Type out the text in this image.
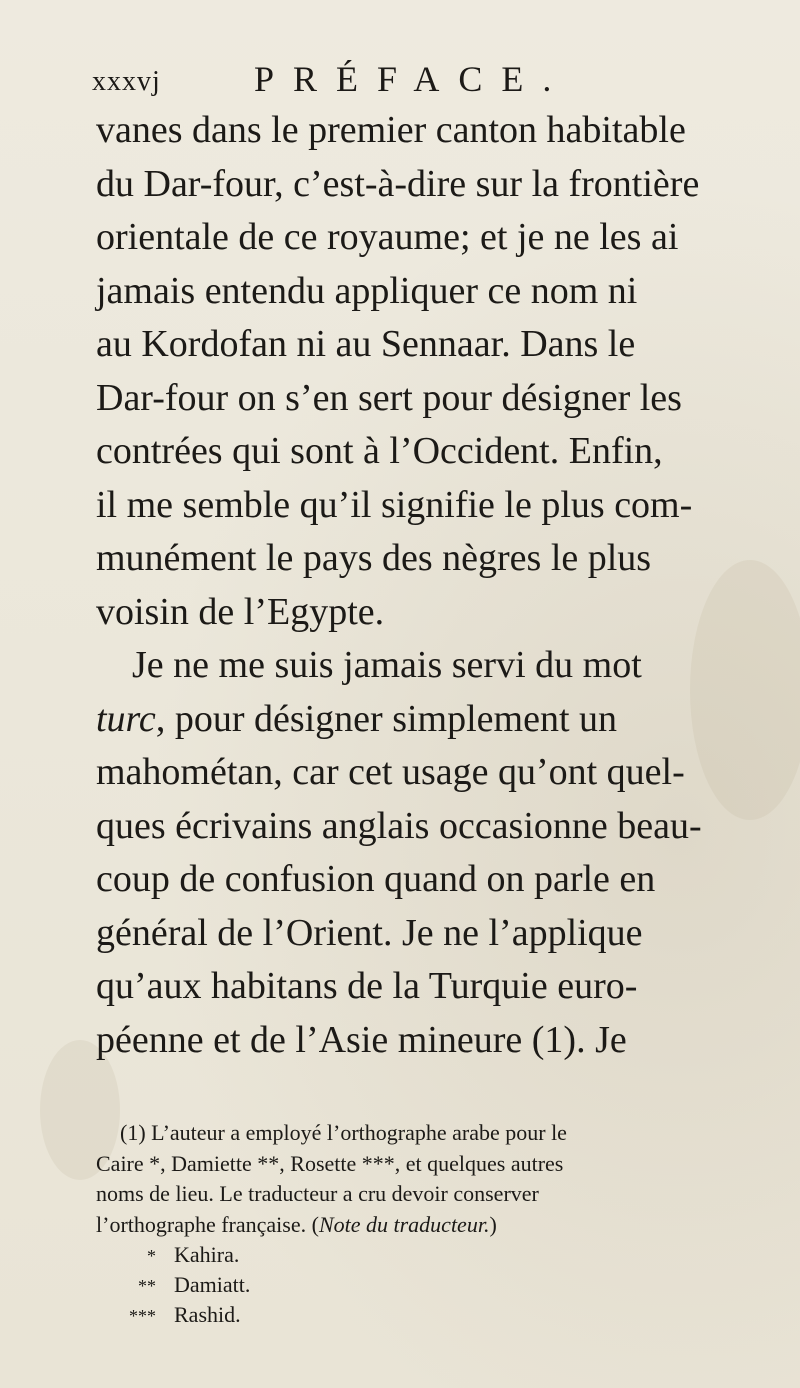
xxxvj	PRÉFACE.
vanes dans le premier canton habitable
du Dar-four, c’est-à-dire sur la frontière
orientale de ce royaume; et je ne les ai
jamais entendu appliquer ce nom ni
au Kordofan ni au Sennaar. Dans le
Dar-four on s’en sert pour désigner les
contrées qui sont à l’Occident. Enfin,
il me semble qu’il signifie le plus com-
munément le pays des nègres le plus
voisin de l’Egypte.
Je ne me suis jamais servi du mot
turc, pour désigner simplement un
mahométan, car cet usage qu’ont quel-
ques écrivains anglais occasionne beau-
coup de confusion quand on parle en
général de l’Orient. Je ne l’applique
qu’aux habitans de la Turquie euro-
péenne et de l’Asie mineure (1). Je
(1) L’auteur a employé l’orthographe arabe pour le
Caire *, Damiette **, Rosette ***, et quelques autres
noms de lieu. Le traducteur a cru devoir conserver
l’orthographe française. (Note du traducteur.)
* Kahira.
** Damiatt.
*** Rashid.
